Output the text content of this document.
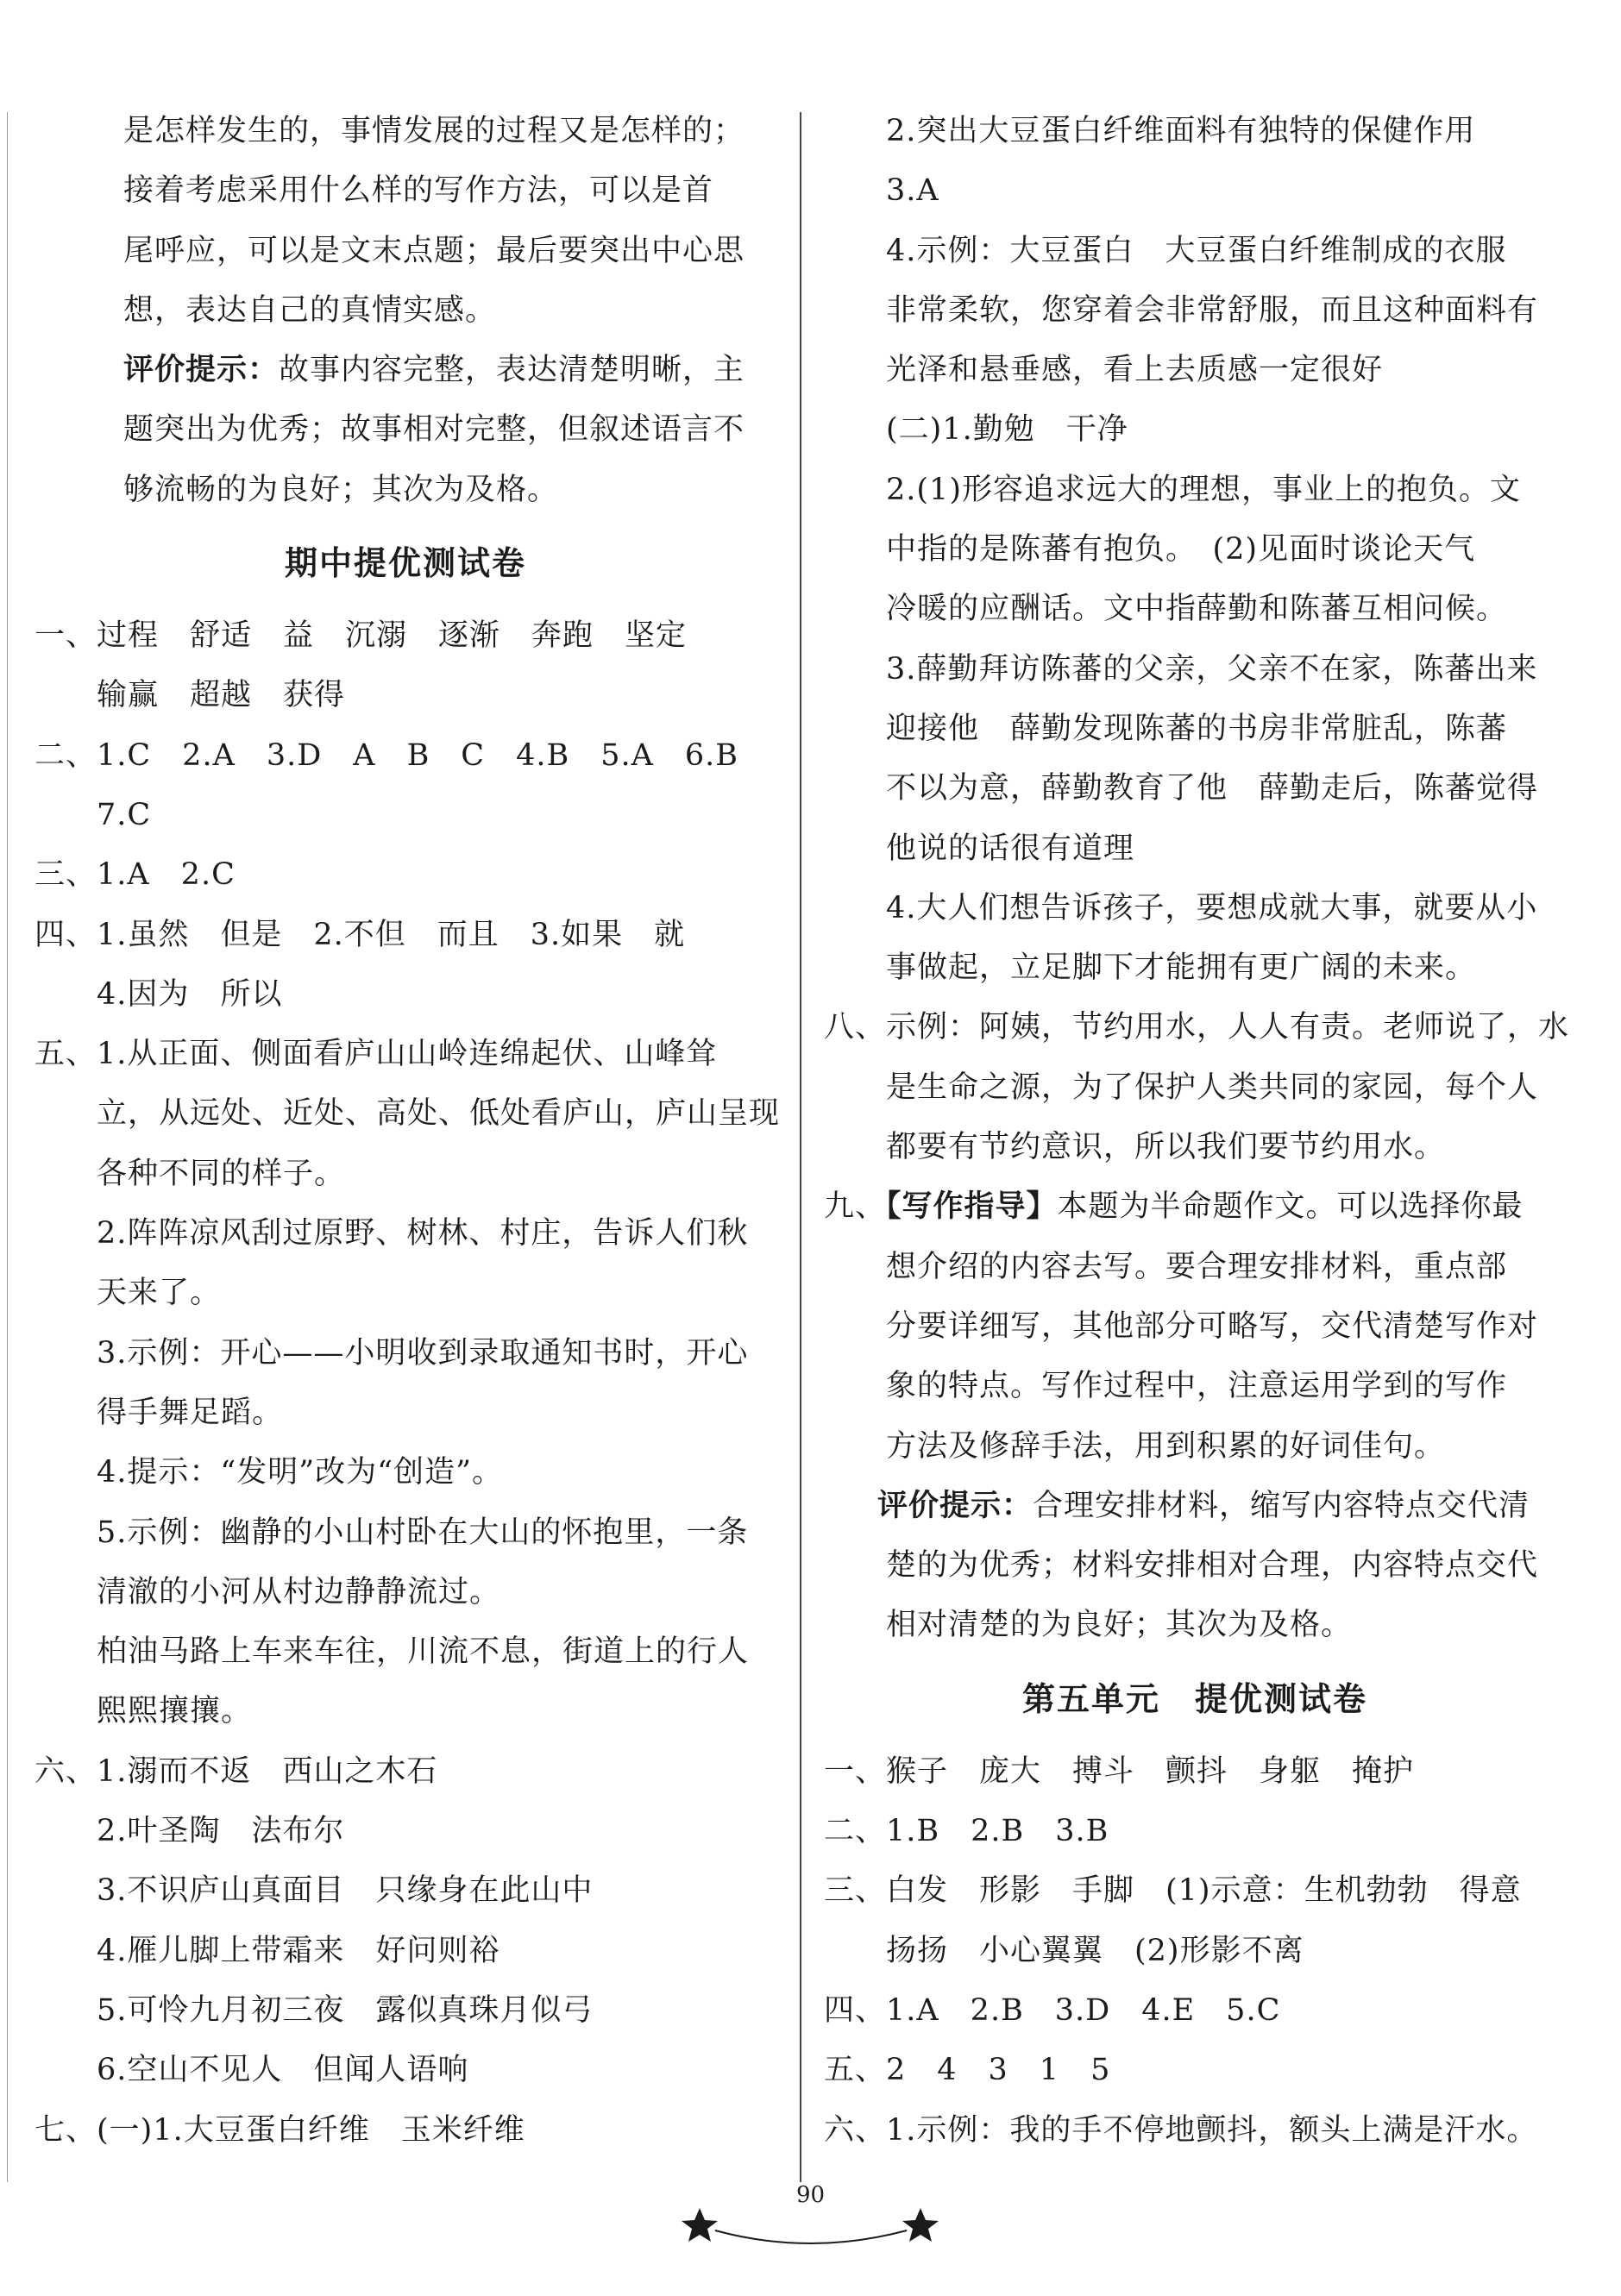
是怎样发生的，事情发展的过程又是怎样的；
接着考虑采用什么样的写作方法，可以是首
尾呼应，可以是文末点题；最后要突出中心思
想，表达自己的真情实感。
评价提示：故事内容完整，表达清楚明晰，主
题突出为优秀；故事相对完整，但叙述语言不
够流畅的为良好；其次为及格。
期中提优测试卷
一、过程　舒适　益　沉溺　逐渐　奔跑　坚定
　　输赢　超越　获得
二、1.C　2.A　3.D　A　B　C　4.B　5.A　6.B
　　7.C
三、1.A　2.C
四、1.虽然　但是　2.不但　而且　3.如果　就
　　4.因为　所以
五、1.从正面、侧面看庐山山岭连绵起伏、山峰耸
　　立，从远处、近处、高处、低处看庐山，庐山呈现
　　各种不同的样子。
　　2.阵阵凉风刮过原野、树林、村庄，告诉人们秋
　　天来了。
　　3.示例：开心——小明收到录取通知书时，开心
　　得手舞足蹈。
　　4.提示：“发明”改为“创造”。
　　5.示例：幽静的小山村卧在大山的怀抱里，一条
　　清澈的小河从村边静静流过。
　　柏油马路上车来车往，川流不息，街道上的行人
　　熙熙攘攘。
六、1.溺而不返　西山之木石
　　2.叶圣陶　法布尔
　　3.不识庐山真面目　只缘身在此山中
　　4.雁儿脚上带霜来　好问则裕
　　5.可怜九月初三夜　露似真珠月似弓
　　6.空山不见人　但闻人语响
七、(一)1.大豆蛋白纤维　玉米纤维
　　2.突出大豆蛋白纤维面料有独特的保健作用
　　3.A
　　4.示例：大豆蛋白　大豆蛋白纤维制成的衣服
　　非常柔软，您穿着会非常舒服，而且这种面料有
　　光泽和悬垂感，看上去质感一定很好
　　(二)1.勤勉　干净
　　2.(1)形容追求远大的理想，事业上的抱负。文
　　中指的是陈蕃有抱负。　(2)见面时谈论天气
　　冷暖的应酬话。文中指薛勤和陈蕃互相问候。
　　3.薛勤拜访陈蕃的父亲，父亲不在家，陈蕃出来
　　迎接他　薛勤发现陈蕃的书房非常脏乱，陈蕃
　　不以为意，薛勤教育了他　薛勤走后，陈蕃觉得
　　他说的话很有道理
　　4.大人们想告诉孩子，要想成就大事，就要从小
　　事做起，立足脚下才能拥有更广阔的未来。
八、示例：阿姨，节约用水，人人有责。老师说了，水
　　是生命之源，为了保护人类共同的家园，每个人
　　都要有节约意识，所以我们要节约用水。
九、【写作指导】本题为半命题作文。可以选择你最
　　想介绍的内容去写。要合理安排材料，重点部
　　分要详细写，其他部分可略写，交代清楚写作对
　　象的特点。写作过程中，注意运用学到的写作
　　方法及修辞手法，用到积累的好词佳句。
评价提示：合理安排材料，缩写内容特点交代清
　　楚的为优秀；材料安排相对合理，内容特点交代
　　相对清楚的为良好；其次为及格。
第五单元　提优测试卷
一、猴子　庞大　搏斗　颤抖　身躯　掩护
二、1.B　2.B　3.B
三、白发　形影　手脚　(1)示意：生机勃勃　得意
　　扬扬　小心翼翼　(2)形影不离
四、1.A　2.B　3.D　4.E　5.C
五、2　4　3　1　5
六、1.示例：我的手不停地颤抖，额头上满是汗水。
90
